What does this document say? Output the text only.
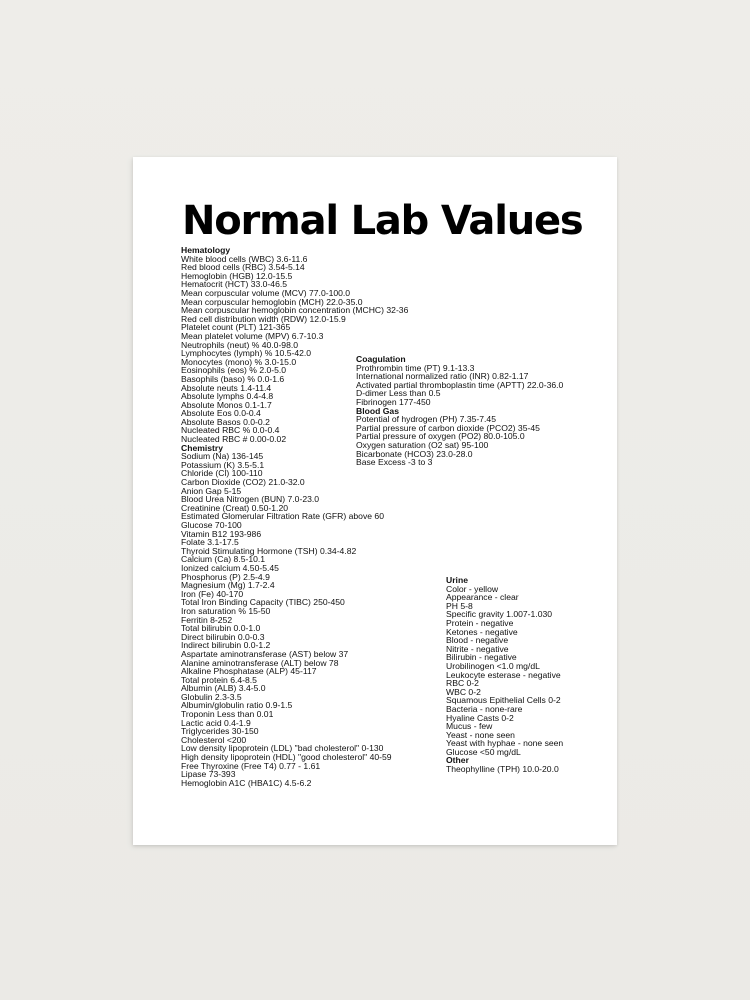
Normal Lab Values
Hematology
White blood cells (WBC) 3.6-11.6
Red blood cells (RBC) 3.54-5.14
Hemoglobin (HGB) 12.0-15.5
Hematocrit (HCT) 33.0-46.5
Mean corpuscular volume (MCV) 77.0-100.0
Mean corpuscular hemoglobin (MCH) 22.0-35.0
Mean corpuscular hemoglobin concentration (MCHC) 32-36
Red cell distribution width (RDW) 12.0-15.9
Platelet count (PLT) 121-365
Mean platelet volume (MPV) 6.7-10.3
Neutrophils (neut) % 40.0-98.0
Lymphocytes (lymph) % 10.5-42.0
Monocytes (mono) % 3.0-15.0
Eosinophils (eos) % 2.0-5.0
Basophils (baso) % 0.0-1.6
Absolute neuts 1.4-11.4
Absolute lymphs 0.4-4.8
Absolute Monos 0.1-1.7
Absolute Eos 0.0-0.4
Absolute Basos 0.0-0.2
Nucleated RBC % 0.0-0.4
Nucleated RBC # 0.00-0.02
Chemistry
Sodium (Na) 136-145
Potassium (K) 3.5-5.1
Chloride (Cl) 100-110
Carbon Dioxide (CO2) 21.0-32.0
Anion Gap 5-15
Blood Urea Nitrogen (BUN) 7.0-23.0
Creatinine (Creat) 0.50-1.20
Estimated Glomerular Filtration Rate (GFR) above 60
Glucose 70-100
Vitamin B12 193-986
Folate 3.1-17.5
Thyroid Stimulating Hormone (TSH) 0.34-4.82
Calcium (Ca) 8.5-10.1
Ionized calcium 4.50-5.45
Phosphorus (P) 2.5-4.9
Magnesium (Mg) 1.7-2.4
Iron (Fe) 40-170
Total Iron Binding Capacity (TIBC) 250-450
Iron saturation % 15-50
Ferritin 8-252
Total bilirubin 0.0-1.0
Direct bilirubin 0.0-0.3
Indirect bilirubin 0.0-1.2
Aspartate aminotransferase (AST) below 37
Alanine aminotransferase (ALT) below 78
Alkaline Phosphatase (ALP) 45-117
Total protein 6.4-8.5
Albumin (ALB) 3.4-5.0
Globulin 2.3-3.5
Albumin/globulin ratio 0.9-1.5
Troponin Less than 0.01
Lactic acid 0.4-1.9
Triglycerides 30-150
Cholesterol <200
Low density lipoprotein (LDL) "bad cholesterol" 0-130
High density lipoprotein (HDL) "good cholesterol" 40-59
Free Thyroxine (Free T4) 0.77 - 1.61
Lipase 73-393
Hemoglobin A1C (HBA1C) 4.5-6.2
Coagulation
Prothrombin time (PT) 9.1-13.3
International normalized ratio (INR) 0.82-1.17
Activated partial thromboplastin time (APTT) 22.0-36.0
D-dimer Less than 0.5
Fibrinogen 177-450
Blood Gas
Potential of hydrogen (PH) 7.35-7.45
Partial pressure of carbon dioxide (PCO2) 35-45
Partial pressure of oxygen (PO2) 80.0-105.0
Oxygen saturation (O2 sat) 95-100
Bicarbonate (HCO3) 23.0-28.0
Base Excess -3 to 3
Urine
Color - yellow
Appearance - clear
PH 5-8
Specific gravity 1.007-1.030
Protein - negative
Ketones - negative
Blood - negative
Nitrite - negative
Bilirubin - negative
Urobilinogen <1.0 mg/dL
Leukocyte esterase - negative
RBC 0-2
WBC 0-2
Squamous Epithelial Cells 0-2
Bacteria - none-rare
Hyaline Casts 0-2
Mucus - few
Yeast - none seen
Yeast with hyphae - none seen
Glucose <50 mg/dL
Other
Theophylline (TPH) 10.0-20.0
